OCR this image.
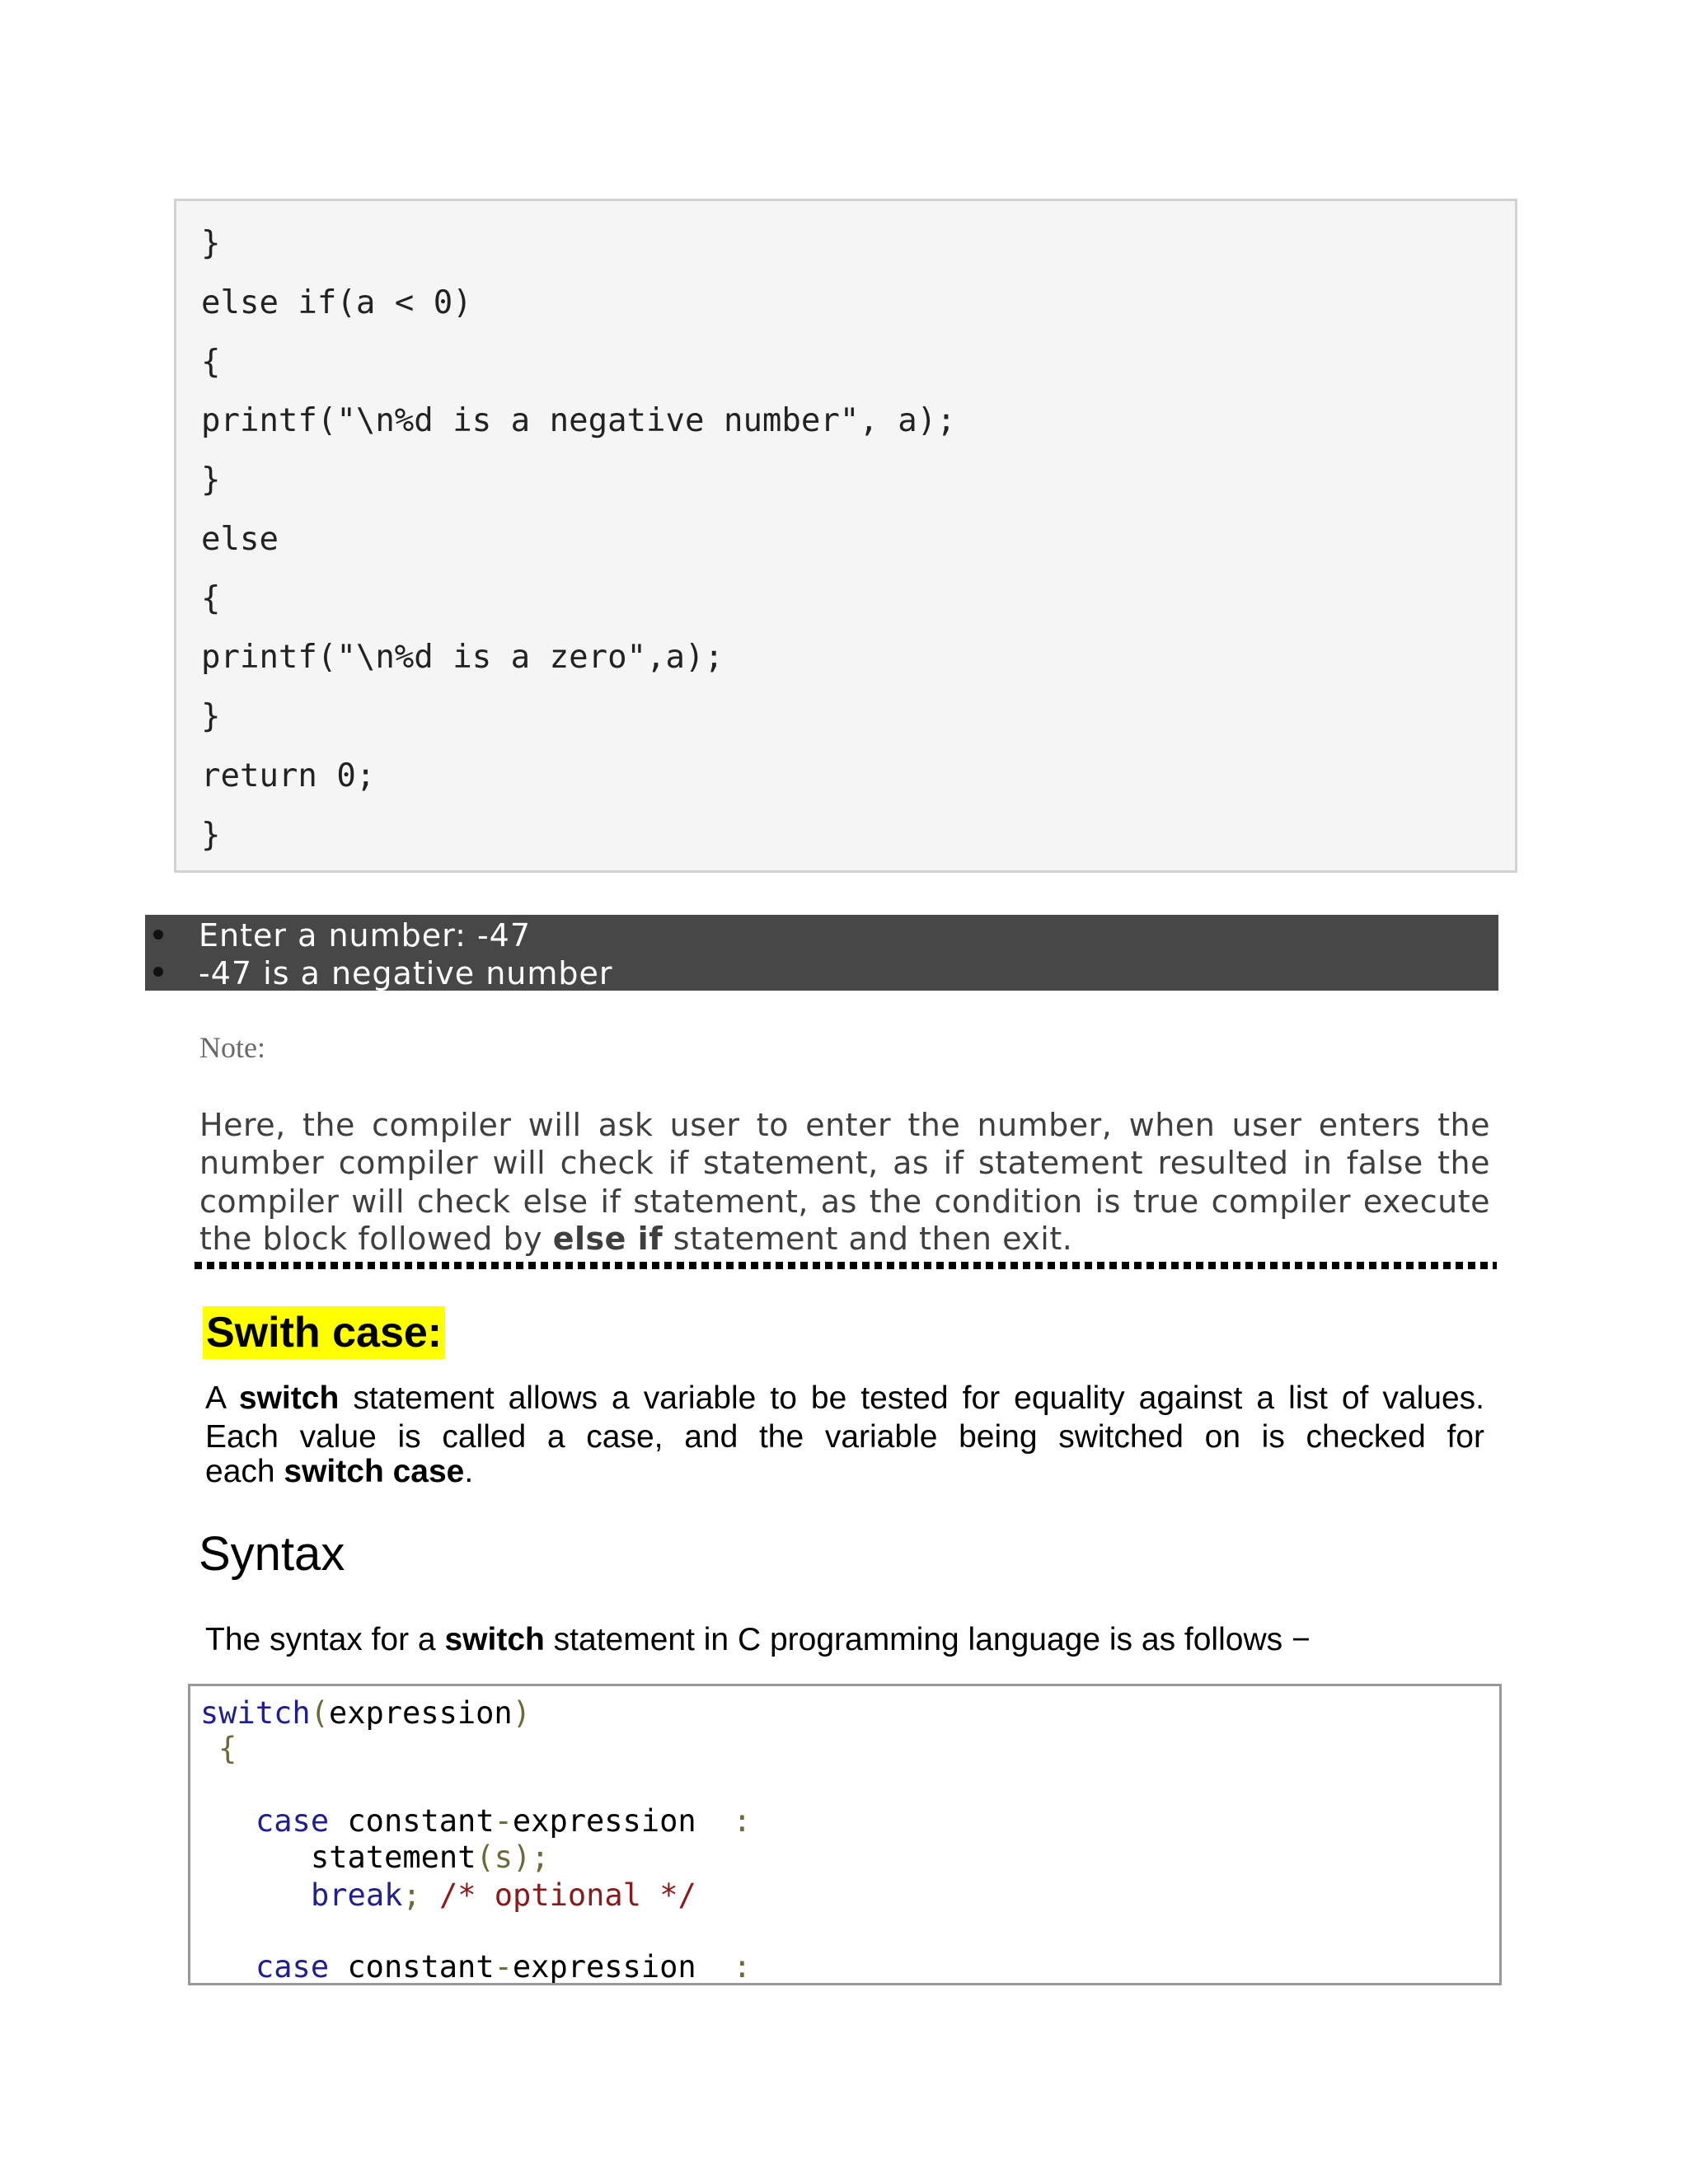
}
else if(a < 0)
{
printf("\n%d is a negative number", a);
}
else
{
printf("\n%d is a zero",a);
}
return 0;
}
Enter a number: -47
-47 is a negative number
Note:
Here, the compiler will ask user to enter the number, when user enters the
number compiler will check if statement, as if statement resulted in false the
compiler will check else if statement, as the condition is true compiler execute
the block followed by else if statement and then exit.
Swith case:
A switch statement allows a variable to be tested for equality against a list of values.
Each value is called a case, and the variable being switched on is checked for
each switch case.
Syntax
The syntax for a switch statement in C programming language is as follows −
switch(expression)
{
case constant-expression :
statement(s);
break; /* optional */
case constant-expression :
